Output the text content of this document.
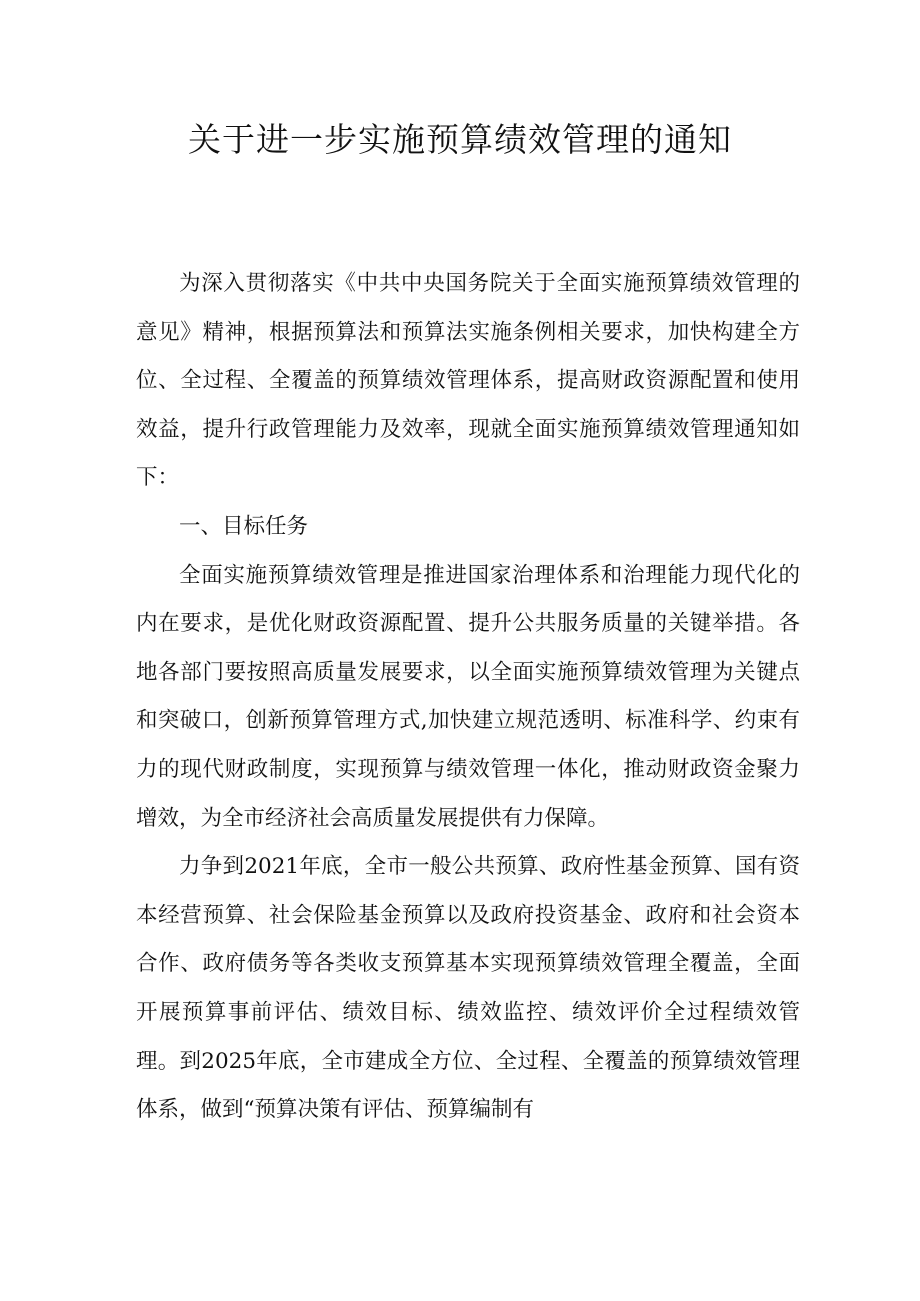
关于进一步实施预算绩效管理的通知

为深入贯彻落实《中共中央国务院关于全面实施预算绩效管理的意见》精神，根据预算法和预算法实施条例相关要求，加快构建全方位、全过程、全覆盖的预算绩效管理体系，提高财政资源配置和使用效益，提升行政管理能力及效率，现就全面实施预算绩效管理通知如下：

一、目标任务

全面实施预算绩效管理是推进国家治理体系和治理能力现代化的内在要求，是优化财政资源配置、提升公共服务质量的关键举措。各地各部门要按照高质量发展要求，以全面实施预算绩效管理为关键点和突破口，创新预算管理方式,加快建立规范透明、标准科学、约束有力的现代财政制度，实现预算与绩效管理一体化，推动财政资金聚力增效，为全市经济社会高质量发展提供有力保障。

力争到2021年底，全市一般公共预算、政府性基金预算、国有资本经营预算、社会保险基金预算以及政府投资基金、政府和社会资本合作、政府债务等各类收支预算基本实现预算绩效管理全覆盖，全面开展预算事前评估、绩效目标、绩效监控、绩效评价全过程绩效管理。到2025年底，全市建成全方位、全过程、全覆盖的预算绩效管理体系，做到“预算决策有评估、预算编制有
